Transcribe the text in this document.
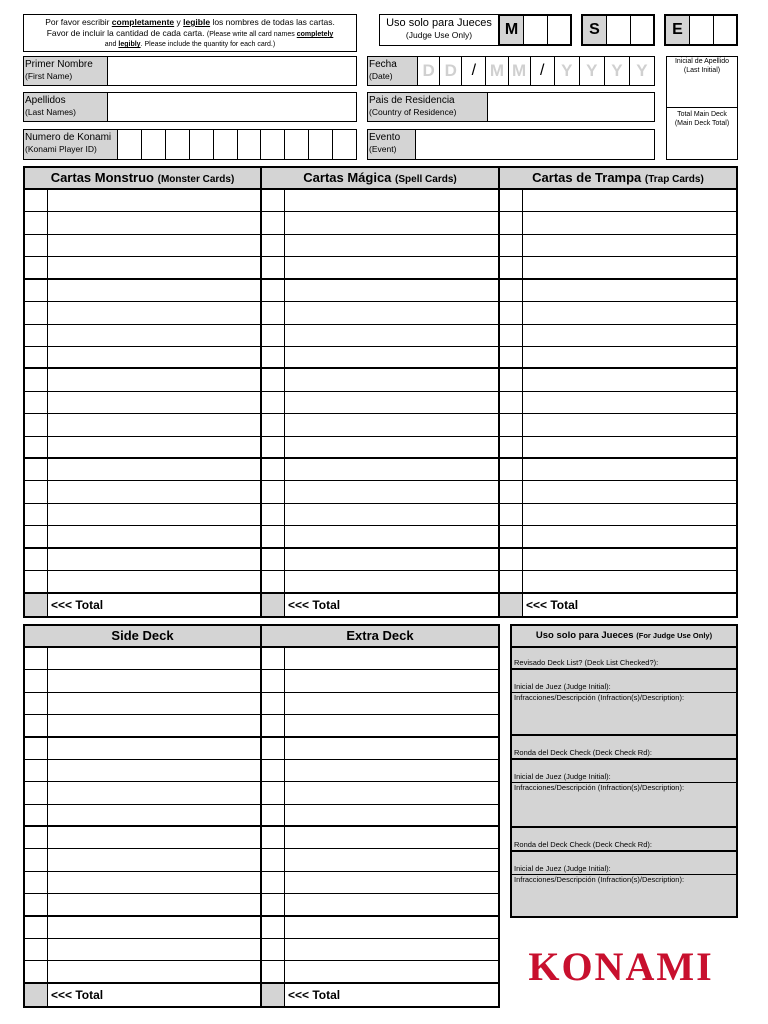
Por favor escribir completamente y legible los nombres de todas las cartas.
Favor de incluir la cantidad de cada carta. (Please write all card names completely
and legibly. Please include the quantity for each card.)
Uso solo para Jueces
(Judge Use Only)	M	S	E
Primer Nombre
(First Name)
Apellidos
(Last Names)
Numero de Konami
(Konami Player ID)
Fecha
(Date)	D D / M M / Y Y Y Y
Pais de Residencia
(Country of Residence)
Evento
(Event)
Inicial de Apellido
(Last Initial)
Total Main Deck
(Main Deck Total)
Cartas Monstruo (Monster Cards)	Cartas Mágica (Spell Cards)	Cartas de Trampa (Trap Cards)
<<< Total	<<< Total	<<< Total
Side Deck	Extra Deck
<<< Total	<<< Total
Uso solo para Jueces (For Judge Use Only)
Revisado Deck List? (Deck List Checked?):
Inicial de Juez (Judge Initial):
Infracciones/Descripción (Infraction(s)/Description):
Ronda del Deck Check (Deck Check Rd):
Inicial de Juez (Judge Initial):
Infracciones/Descripción (Infraction(s)/Description):
Ronda del Deck Check (Deck Check Rd):
Inicial de Juez (Judge Initial):
Infracciones/Descripción (Infraction(s)/Description):
KONAMI
